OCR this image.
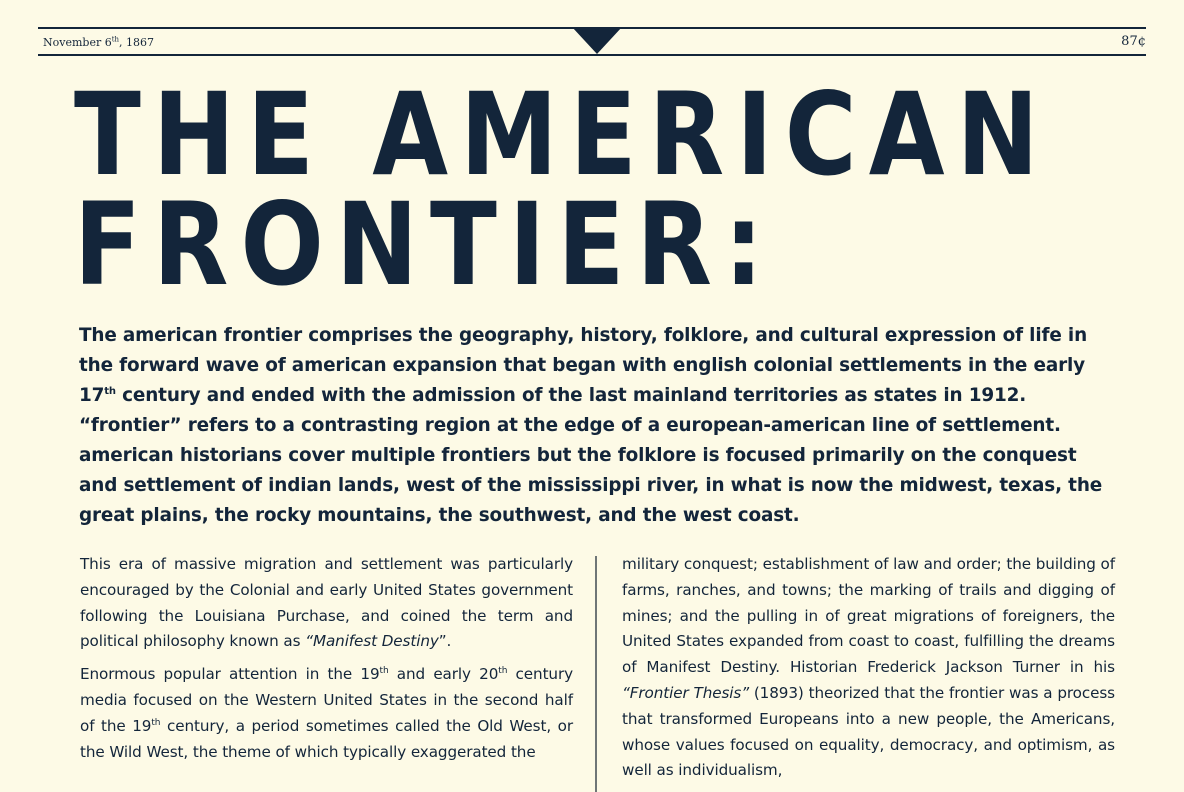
November 6th, 1867	87¢
THE AMERICAN
FRONTIER:

The american frontier comprises the geography, history, folklore, and cultural expression of life in the forward wave of american expansion that began with english colonial settlements in the early 17th century and ended with the admission of the last mainland territories as states in 1912. “frontier” refers to a contrasting region at the edge of a european-american line of settlement. american historians cover multiple frontiers but the folklore is focused primarily on the conquest and settlement of indian lands, west of the mississippi river, in what is now the midwest, texas, the great plains, the rocky mountains, the southwest, and the west coast.

This era of massive migration and settlement was particularly encouraged by the Colonial and early United States government following the Louisiana Purchase, and coined the term and political philosophy known as “Manifest Destiny”.

Enormous popular attention in the 19th and early 20th century media focused on the Western United States in the second half of the 19th century, a period sometimes called the Old West, or the Wild West, the theme of which typically exaggerated the

military conquest; establishment of law and order; the building of farms, ranches, and towns; the marking of trails and digging of mines; and the pulling in of great migrations of foreigners, the United States expanded from coast to coast, fulfilling the dreams of Manifest Destiny. Historian Frederick Jackson Turner in his “Frontier Thesis” (1893) theorized that the frontier was a process that transformed Europeans into a new people, the Americans, whose values focused on equality, democracy, and optimism, as well as individualism,
